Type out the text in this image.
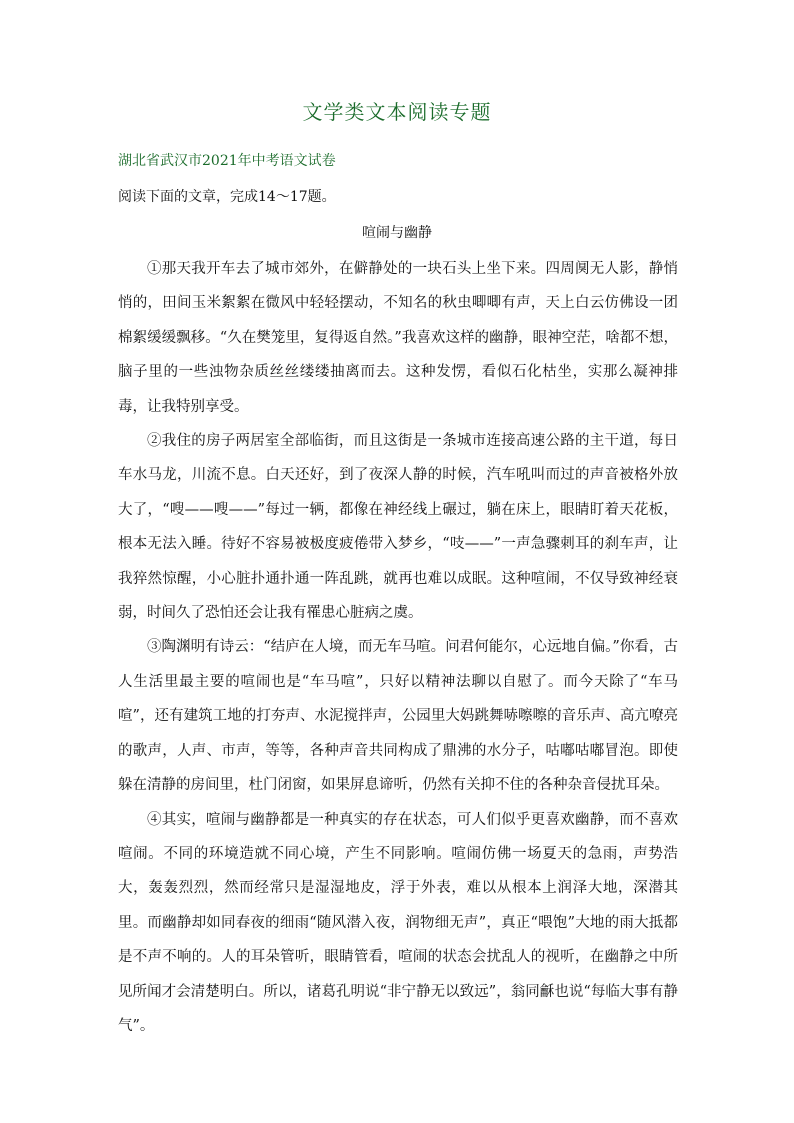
文学类文本阅读专题
湖北省武汉市2021年中考语文试卷
阅读下面的文章，完成14～17题。
喧闹与幽静

①那天我开车去了城市郊外，在僻静处的一块石头上坐下来。四周阒无人影，静悄悄的，田间玉米絮絮在微风中轻轻摆动，不知名的秋虫唧唧有声，天上白云仿佛设一团棉絮缓缓飘移。“久在樊笼里，复得返自然。”我喜欢这样的幽静，眼神空茫，啥都不想，脑子里的一些浊物杂质丝丝缕缕抽离而去。这种发愣，看似石化枯坐，实那么凝神排毒，让我特别享受。

②我住的房子两居室全部临街，而且这街是一条城市连接高速公路的主干道，每日车水马龙，川流不息。白天还好，到了夜深人静的时候，汽车吼叫而过的声音被格外放大了，“嗖——嗖——”每过一辆，都像在神经线上碾过，躺在床上，眼睛盯着天花板，根本无法入睡。待好不容易被极度疲倦带入梦乡，“吱——”一声急骤刺耳的刹车声，让我猝然惊醒，小心脏扑通扑通一阵乱跳，就再也难以成眠。这种喧闹，不仅导致神经衰弱，时间久了恐怕还会让我有罹患心脏病之虞。

③陶渊明有诗云：“结庐在人境，而无车马喧。问君何能尔，心远地自偏。”你看，古人生活里最主要的喧闹也是“车马喧”，只好以精神法聊以自慰了。而今天除了“车马喧”，还有建筑工地的打夯声、水泥搅拌声，公园里大妈跳舞哧嚓嚓的音乐声、高亢嘹亮的歌声，人声、市声，等等，各种声音共同构成了鼎沸的水分子，咕嘟咕嘟冒泡。即使躲在清静的房间里，杜门闭窗，如果屏息谛听，仍然有关抑不住的各种杂音侵扰耳朵。

④其实，喧闹与幽静都是一种真实的存在状态，可人们似乎更喜欢幽静，而不喜欢喧闹。不同的环境造就不同心境，产生不同影响。喧闹仿佛一场夏天的急雨，声势浩大，轰轰烈烈，然而经常只是湿湿地皮，浮于外表，难以从根本上润泽大地，深潜其里。而幽静却如同春夜的细雨“随风潜入夜，润物细无声”，真正“喂饱”大地的雨大抵都是不声不响的。人的耳朵管听，眼睛管看，喧闹的状态会扰乱人的视听，在幽静之中所见所闻才会清楚明白。所以，诸葛孔明说“非宁静无以致远”，翁同龢也说“每临大事有静气”。
